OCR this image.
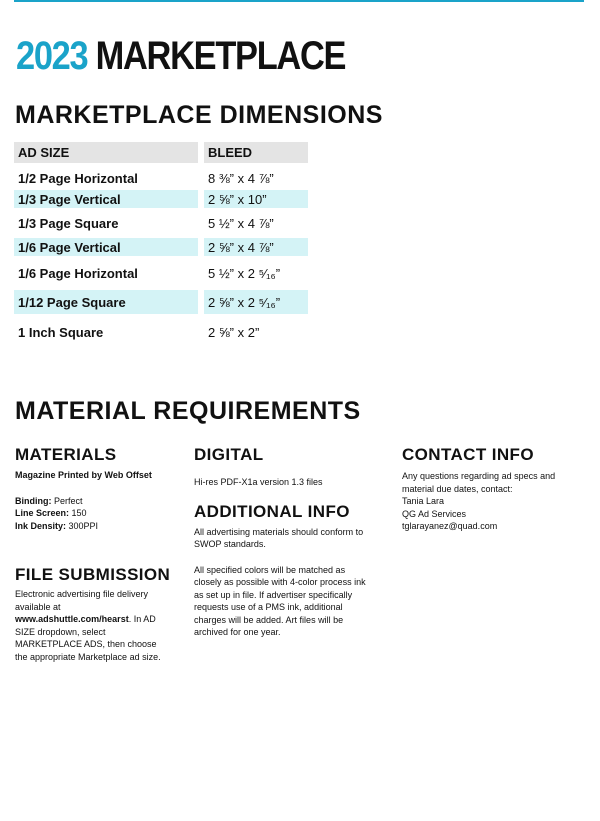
2023 MARKETPLACE
MARKETPLACE DIMENSIONS
AD SIZE	BLEED

1/2 Page Horizontal	8 ⅜” x 4 ⅞”
1/3 Page Vertical	2 ⅝” x 10”
1/3 Page Square	5 ½” x 4 ⅞”
1/6 Page Vertical	2 ⅝” x 4 ⅞”
1/6 Page Horizontal	5 ½” x 2 ⁵⁄₁₆”
1/12 Page Square	2 ⅝” x 2 ⁵⁄₁₆”
1 Inch Square	2 ⅝” x 2”
MATERIAL REQUIREMENTS
MATERIALS

Magazine Printed by Web Offset

Binding: Perfect

Line Screen: 150

Ink Density: 300PPI

FILE SUBMISSION

Electronic advertising file delivery available at www.adshuttle.com/hearst. In AD SIZE dropdown, select MARKETPLACE ADS, then choose the appropriate Marketplace ad size.

DIGITAL

Hi-res PDF-X1a version 1.3 files

ADDITIONAL INFO

All advertising materials should conform to SWOP standards.

All specified colors will be matched as closely as possible with 4-color process ink as set up in file. If advertiser specifically requests use of a PMS ink, additional charges will be added. Art files will be archived for one year.

CONTACT INFO

Any questions regarding ad specs and material due dates, contact:

Tania Lara

QG Ad Services

tglarayanez@quad.com
